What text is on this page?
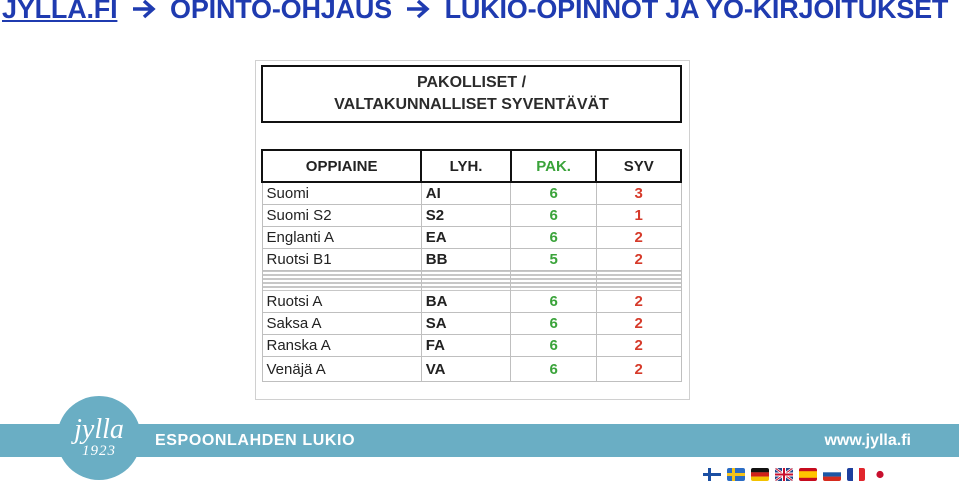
JYLLA.FI OPINTO-OHJAUS LUKIO-OPINNOT JA YO-KIRJOITUKSET
PAKOLLISET /
VALTAKUNNALLISET SYVENTÄVÄT
OPPIAINE	LYH.	PAK.	SYV
Suomi	AI	6	3
Suomi S2	S2	6	1
Englanti A	EA	6	2
Ruotsi B1	BB	5	2

Ruotsi A	BA	6	2
Saksa A	SA	6	2
Ranska A	FA	6	2
Venäjä A	VA	6	2
ESPOONLAHDEN LUKIO	www.jylla.fi
jylla
1923
